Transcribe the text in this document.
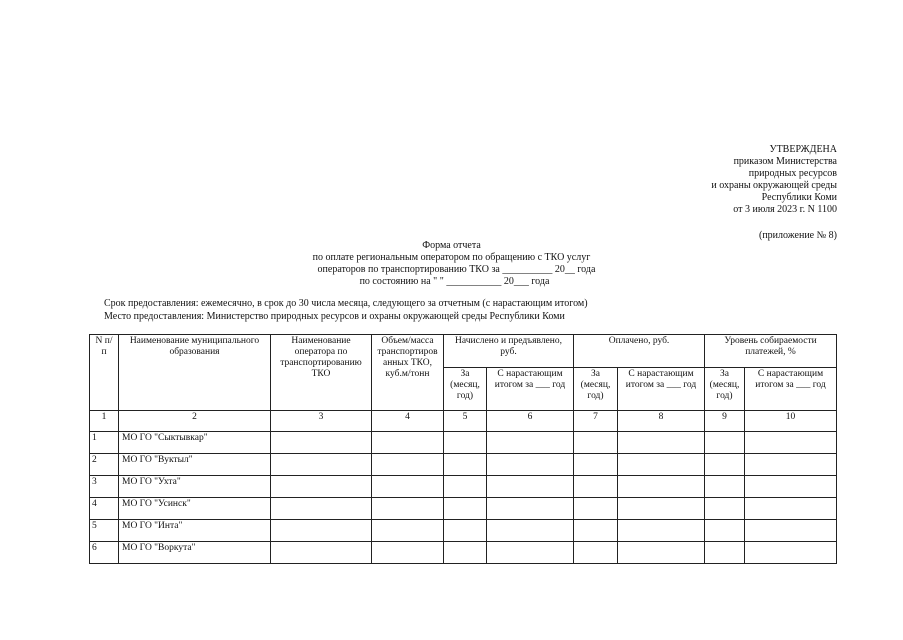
УТВЕРЖДЕНА
приказом Министерства
природных ресурсов
и охраны окружающей среды
Республики Коми
от 3 июля 2023 г. N 1100
(приложение № 8)
Форма отчета
по оплате региональным оператором по обращению с ТКО услуг
операторов по транспортированию ТКО за __________ 20__ года
по состоянию на " " ___________ 20___ года
Срок предоставления: ежемесячно, в срок до 30 числа месяца, следующего за отчетным (с нарастающим итогом)
Место предоставления: Министерство природных ресурсов и охраны окружающей среды Республики Коми
N п/п	Наименование муниципального образования	Наименование оператора по транспортированию ТКО	Объем/масса транспортиров анных ТКО, куб.м/тонн	Начислено и предъявлено, руб.		Оплачено, руб.		Уровень собираемости платежей, %	
				За (месяц, год)	С нарастающим итогом за ___ год	За (месяц, год)	С нарастающим итогом за ___ год	За (месяц, год)	С нарастающим итогом за ___ год
1	2	3	4	5	6	7	8	9	10
1	МО ГО "Сыктывкар"								
2	МО ГО "Вуктыл"								
3	МО ГО "Ухта"								
4	МО ГО "Усинск"								
5	МО ГО "Инта"								
6	МО ГО "Воркута"								
